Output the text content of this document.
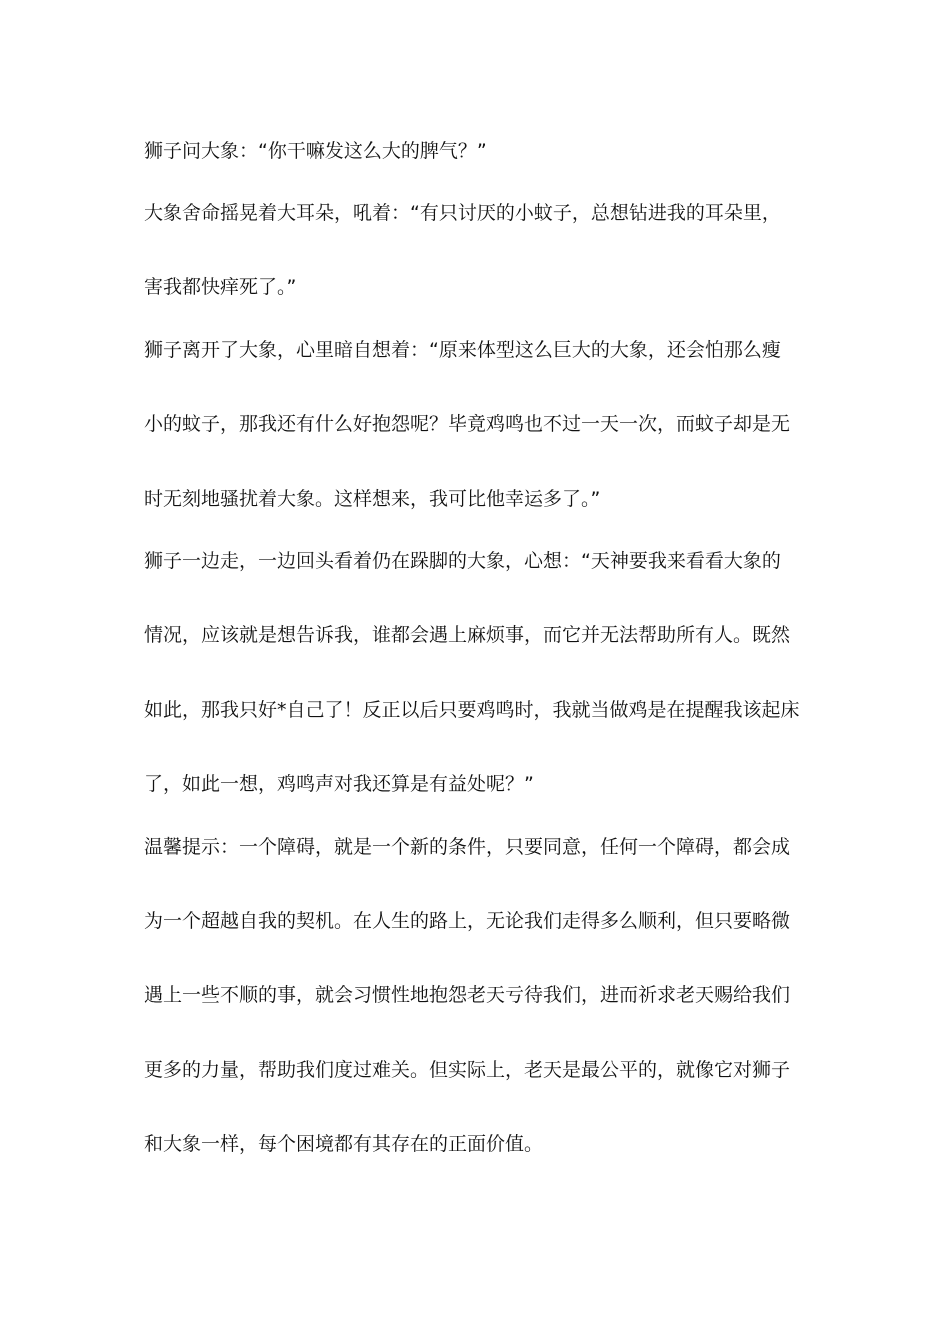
狮子问大象：“你干嘛发这么大的脾气？”
大象舍命摇晃着大耳朵，吼着：“有只讨厌的小蚊子，总想钻进我的耳朵里，
害我都快痒死了。”
狮子离开了大象，心里暗自想着：“原来体型这么巨大的大象，还会怕那么瘦
小的蚊子，那我还有什么好抱怨呢？毕竟鸡鸣也不过一天一次，而蚊子却是无
时无刻地骚扰着大象。这样想来，我可比他幸运多了。”
狮子一边走，一边回头看着仍在跺脚的大象，心想：“天神要我来看看大象的
情况，应该就是想告诉我，谁都会遇上麻烦事，而它并无法帮助所有人。既然
如此，那我只好*自己了！反正以后只要鸡鸣时，我就当做鸡是在提醒我该起床
了，如此一想，鸡鸣声对我还算是有益处呢？”
温馨提示：一个障碍，就是一个新的条件，只要同意，任何一个障碍，都会成
为一个超越自我的契机。在人生的路上，无论我们走得多么顺利，但只要略微
遇上一些不顺的事，就会习惯性地抱怨老天亏待我们，进而祈求老天赐给我们
更多的力量，帮助我们度过难关。但实际上，老天是最公平的，就像它对狮子
和大象一样，每个困境都有其存在的正面价值。
